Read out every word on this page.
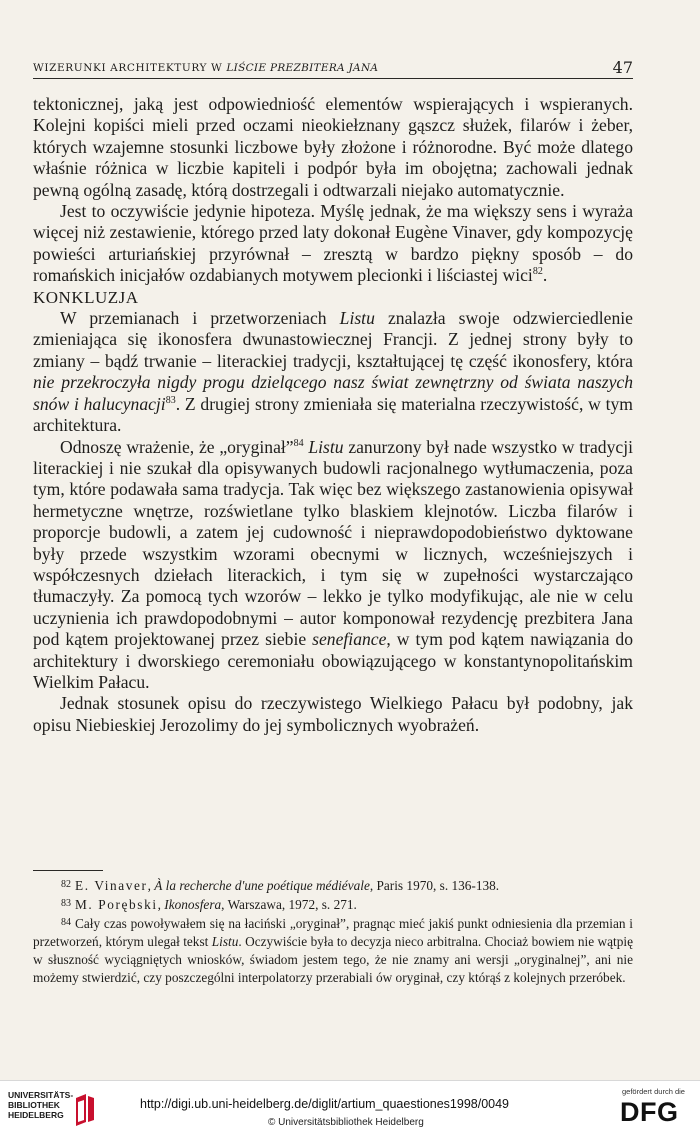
WIZERUNKI ARCHITEKTURY W LIŚCIE PREZBITERA JANA	47

tektonicznej, jaką jest odpowiedniość elementów wspierających i wspieranych. Kolejni kopiści mieli przed oczami nieokiełznany gąszcz służek, filarów i żeber, których wzajemne stosunki liczbowe były złożone i różnorodne. Być może dlatego właśnie różnica w liczbie kapiteli i podpór była im obojętna; zachowali jednak pewną ogólną zasadę, którą dostrzegali i odtwarzali niejako automatycznie.

Jest to oczywiście jedynie hipoteza. Myślę jednak, że ma większy sens i wyraża więcej niż zestawienie, którego przed laty dokonał Eugène Vinaver, gdy kompozycję powieści arturiańskiej przyrównał – zresztą w bardzo piękny sposób – do romańskich inicjałów ozdabianych motywem plecionki i liściastej wici$^{82}$.

KONKLUZJA

W przemianach i przetworzeniach Listu znalazła swoje odzwierciedlenie zmieniająca się ikonosfera dwunastowiecznej Francji. Z jednej strony były to zmiany – bądź trwanie – literackiej tradycji, kształtującej tę część ikonosfery, która nie przekroczyła nigdy progu dzielącego nasz świat zewnętrzny od świata naszych snów i halucynacji$^{83}$. Z drugiej strony zmieniała się materialna rzeczywistość, w tym architektura.

Odnoszę wrażenie, że „oryginał”$^{84}$ Listu zanurzony był nade wszystko w tradycji literackiej i nie szukał dla opisywanych budowli racjonalnego wytłumaczenia, poza tym, które podawała sama tradycja. Tak więc bez większego zastanowienia opisywał hermetyczne wnętrze, rozświetlane tylko blaskiem klejnotów. Liczba filarów i proporcje budowli, a zatem jej cudowność i nieprawdopodobieństwo dyktowane były przede wszystkim wzorami obecnymi w licznych, wcześniejszych i współczesnych dziełach literackich, i tym się w zupełności wystarczająco tłumaczyły. Za pomocą tych wzorów – lekko je tylko modyfikując, ale nie w celu uczynienia ich prawdopodobnymi – autor komponował rezydencję prezbitera Jana pod kątem projektowanej przez siebie senefiance, w tym pod kątem nawiązania do architektury i dworskiego ceremoniału obowiązującego w konstantynopolitańskim Wielkim Pałacu.

Jednak stosunek opisu do rzeczywistego Wielkiego Pałacu był podobny, jak opisu Niebieskiej Jerozolimy do jej symbolicznych wyobrażeń.

$^{82}$ E. Vinaver, À la recherche d'une poétique médiévale, Paris 1970, s. 136-138.

$^{83}$ M. Porębski, Ikonosfera, Warszawa, 1972, s. 271.

$^{84}$ Cały czas powoływałem się na łaciński „oryginał”, pragnąc mieć jakiś punkt odniesienia dla przemian i przetworzeń, którym ulegał tekst Listu. Oczywiście była to decyzja nieco arbitralna. Chociaż bowiem nie wątpię w słuszność wyciągniętych wniosków, świadom jestem tego, że nie znamy ani wersji „oryginalnej”, ani nie możemy stwierdzić, czy poszczególni interpolatorzy przerabiali ów oryginał, czy którąś z kolejnych przeróbek.

UNIVERSITÄTS-
BIBLIOTHEK
HEIDELBERG
http://digi.ub.uni-heidelberg.de/diglit/artium_quaestiones1998/0049
© Universitätsbibliothek Heidelberg
gefördert durch die
DFG
